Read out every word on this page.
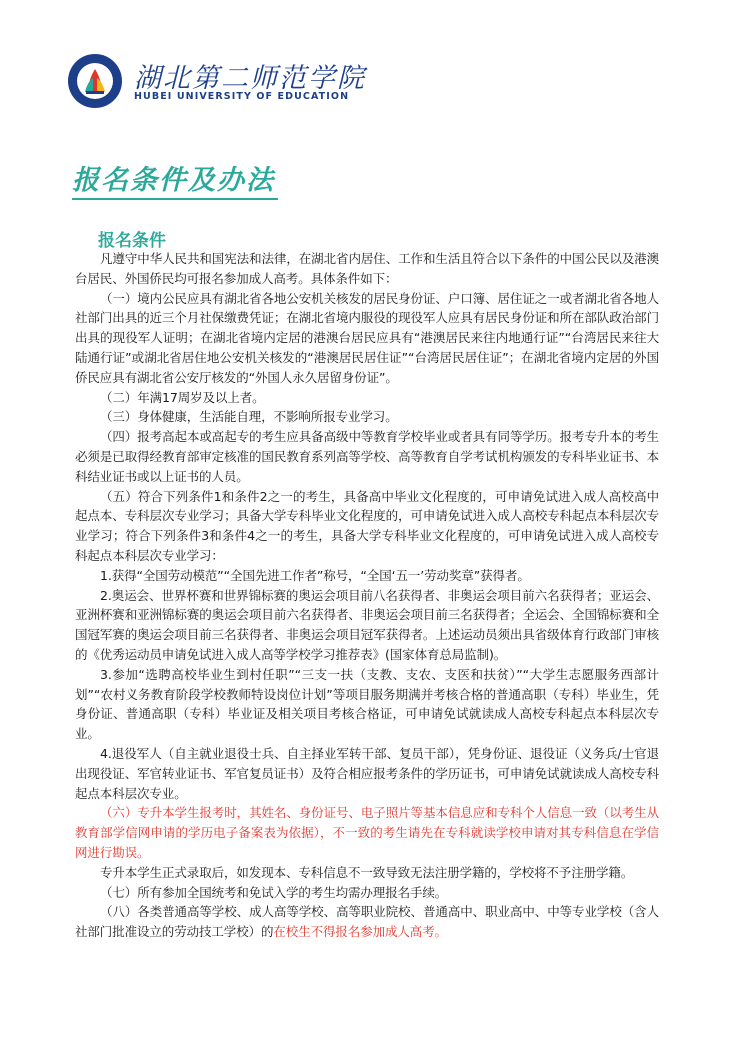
湖北第二师范学院
HUBEI UNIVERSITY OF EDUCATION
报名条件及办法
报名条件

凡遵守中华人民共和国宪法和法律，在湖北省内居住、工作和生活且符合以下条件的中国公民以及港澳台居民、外国侨民均可报名参加成人高考。具体条件如下：

（一）境内公民应具有湖北省各地公安机关核发的居民身份证、户口簿、居住证之一或者湖北省各地人社部门出具的近三个月社保缴费凭证；在湖北省境内服役的现役军人应具有居民身份证和所在部队政治部门出具的现役军人证明；在湖北省境内定居的港澳台居民应具有“港澳居民来往内地通行证”“台湾居民来往大陆通行证”或湖北省居住地公安机关核发的“港澳居民居住证”“台湾居民居住证”；在湖北省境内定居的外国侨民应具有湖北省公安厅核发的“外国人永久居留身份证”。

（二）年满17周岁及以上者。

（三）身体健康，生活能自理，不影响所报专业学习。

（四）报考高起本或高起专的考生应具备高级中等教育学校毕业或者具有同等学历。报考专升本的考生必须是已取得经教育部审定核准的国民教育系列高等学校、高等教育自学考试机构颁发的专科毕业证书、本科结业证书或以上证书的人员。

（五）符合下列条件1和条件2之一的考生，具备高中毕业文化程度的，可申请免试进入成人高校高中起点本、专科层次专业学习；具备大学专科毕业文化程度的，可申请免试进入成人高校专科起点本科层次专业学习；符合下列条件3和条件4之一的考生，具备大学专科毕业文化程度的，可申请免试进入成人高校专科起点本科层次专业学习：

1.获得“全国劳动模范”“全国先进工作者”称号，“全国‘五一’劳动奖章”获得者。

2.奥运会、世界杯赛和世界锦标赛的奥运会项目前八名获得者、非奥运会项目前六名获得者；亚运会、亚洲杯赛和亚洲锦标赛的奥运会项目前六名获得者、非奥运会项目前三名获得者；全运会、全国锦标赛和全国冠军赛的奥运会项目前三名获得者、非奥运会项目冠军获得者。上述运动员须出具省级体育行政部门审核的《优秀运动员申请免试进入成人高等学校学习推荐表》(国家体育总局监制)。

3.参加“选聘高校毕业生到村任职”“三支一扶（支教、支农、支医和扶贫）”“大学生志愿服务西部计划”“农村义务教育阶段学校教师特设岗位计划”等项目服务期满并考核合格的普通高职（专科）毕业生，凭身份证、普通高职（专科）毕业证及相关项目考核合格证，可申请免试就读成人高校专科起点本科层次专业。

4.退役军人（自主就业退役士兵、自主择业军转干部、复员干部），凭身份证、退役证（义务兵/士官退出现役证、军官转业证书、军官复员证书）及符合相应报考条件的学历证书，可申请免试就读成人高校专科起点本科层次专业。

（六）专升本学生报考时，其姓名、身份证号、电子照片等基本信息应和专科个人信息一致（以考生从教育部学信网申请的学历电子备案表为依据），不一致的考生请先在专科就读学校申请对其专科信息在学信网进行勘误。

专升本学生正式录取后，如发现本、专科信息不一致导致无法注册学籍的，学校将不予注册学籍。

（七）所有参加全国统考和免试入学的考生均需办理报名手续。

（八）各类普通高等学校、成人高等学校、高等职业院校、普通高中、职业高中、中等专业学校（含人社部门批准设立的劳动技工学校）的在校生不得报名参加成人高考。
